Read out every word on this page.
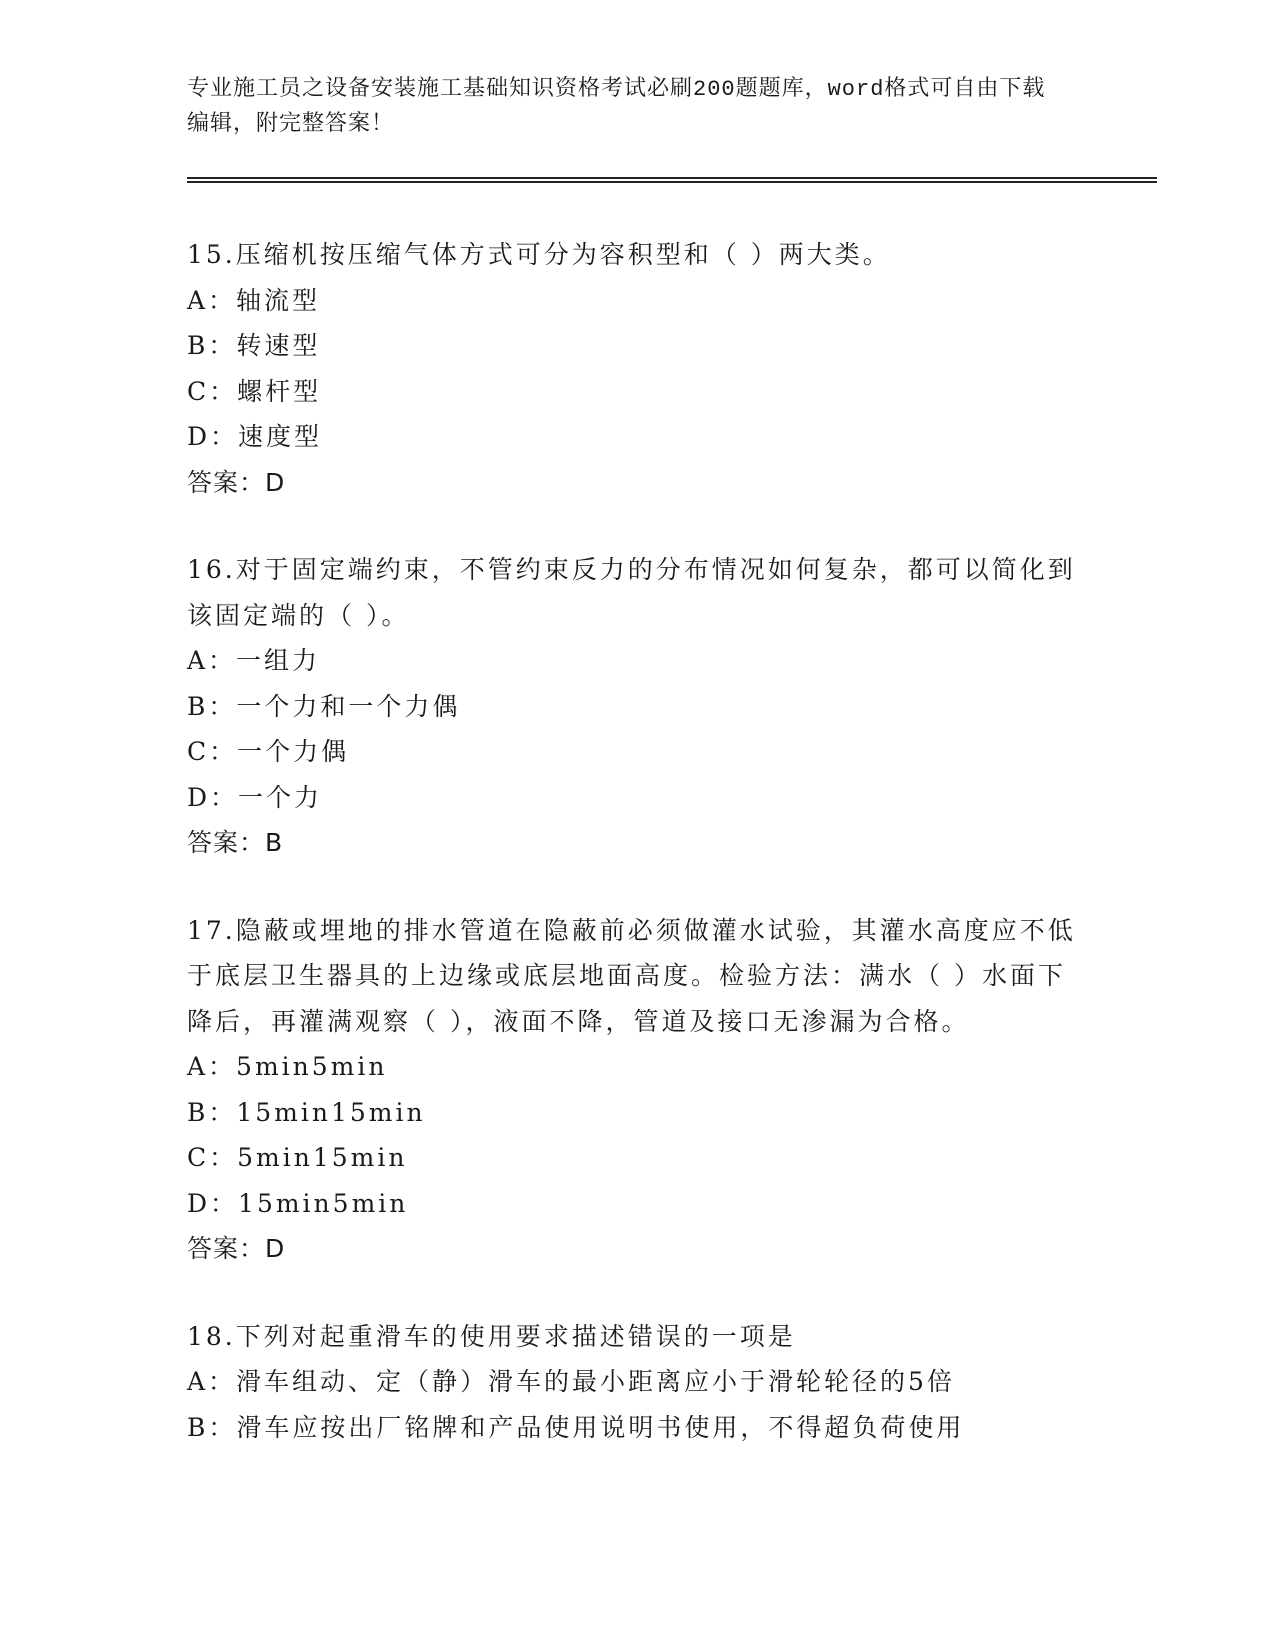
专业施工员之设备安装施工基础知识资格考试必刷200题题库，word格式可自由下载编辑，附完整答案！

15.压缩机按压缩气体方式可分为容积型和（ ）两大类。

A：轴流型

B：转速型

C：螺杆型

D：速度型

答案：D

16.对于固定端约束，不管约束反力的分布情况如何复杂，都可以简化到该固定端的（ ）。

A：一组力

B：一个力和一个力偶

C：一个力偶

D：一个力

答案：B

17.隐蔽或埋地的排水管道在隐蔽前必须做灌水试验，其灌水高度应不低于底层卫生器具的上边缘或底层地面高度。检验方法：满水（ ）水面下降后，再灌满观察（ ），液面不降，管道及接口无渗漏为合格。

A：5min5min

B：15min15min

C：5min15min

D：15min5min

答案：D

18.下列对起重滑车的使用要求描述错误的一项是

A：滑车组动、定（静）滑车的最小距离应小于滑轮轮径的5倍

B：滑车应按出厂铭牌和产品使用说明书使用，不得超负荷使用
